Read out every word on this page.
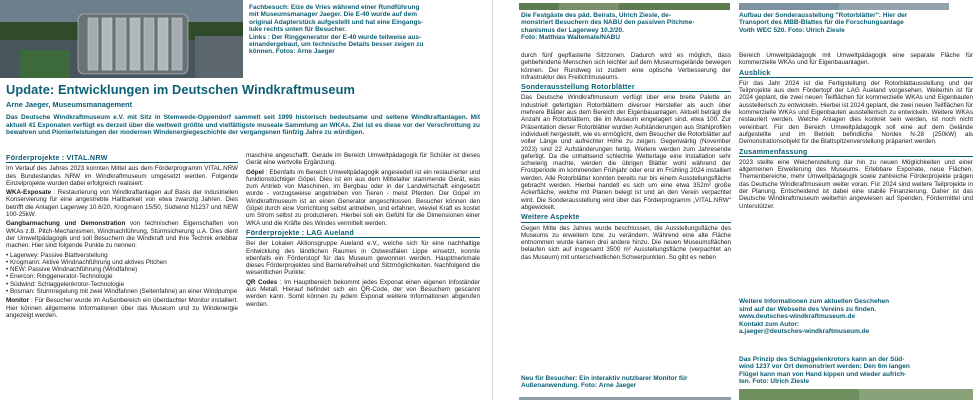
Fachbesuch: Eize de Vries während einer Rundführung
mit Museumsmanager Jaeger. Die E-40 wurde auf dem
original Adapterstück aufgestellt und hat eine Eingangs-
luke rechts unten für Besucher.
Links : Der Ringgenerator der E-40 wurde teilweise aus-
einandergebaut, um technische Details besser zeigen zu
können. Fotos: Arne Jaeger
Update: Entwicklungen im Deutschen Windkraftmuseum
Arne Jaeger, Museumsmanagement
Das Deutsche Windkraftmuseum e.V. mit Sitz in Stemwede-Oppendorf sammelt seit 1999 historisch bedeutsame und seltene Windkraftanlagen. Mit aktuell 41 Exponaten verfügt es derzeit über die weltweit größte und vielfältigste museale Sammlung an WKAs. Ziel ist es diese vor der Verschrottung zu bewahren und Pionierleistungen der modernen Windenergiegeschichte der vergangenen fünfzig Jahre zu würdigen.
Förderprojekte : VITAL.NRW
Im Verlauf des Jahres 2023 konnten Mittel aus dem Förderprogramm VITAL.NRW des Bundeslandes NRW im Windkraftmuseum umgesetzt werden. Folgende Einzelprojekte wurden dabei erfolgreich realisiert:
WKA-Exposate : Restaurierung von Windkraftanlagen auf Basis der industriellen Konservierung für eine angestrebte Haltbarkeit von etwa zwanzig Jahren. Dies betrifft die Anlagen Lagerwey 10.6/20, Krogmann 15/50, Südwind N1237 und NEW 100-25kW.
Gangbarmachung und Demonstration von technischen Eigenschaften von WKAs z.B. Pitch-Mechanismen, Windnachführung, Sturmsicherung u.A. Dies dient der Umweltpädagogik und soll Besuchern die Windkraft und ihre Technik erlebbar machen. Hier sind folgende Punkte zu nennen:
• Lagerwey: Passive Blattverstellung
• Krogmann: Aktive Windnachführung und aktives Pitchen
• NEW: Passive Windnachführung (Windfahne)
• Enercon: Ringgenerator-Technologie
• Südwind: Schlaggelenkrotor-Technologie
• Bosman: Sturmregelung mit zwei Windfahnen (Seitenfahne) an einer Windpumpe
Monitor : Für Besucher wurde im Außenbereich ein überdachter Monitor installiert. Hier können allgemeine Informationen über das Museum und zu Windenergie angezeigt werden.
maschine angeschafft. Gerade im Bereich Umweltpädagogik für Schüler ist dieses Gerät eine wertvolle Ergänzung.
Göpel : Ebenfalls im Bereich Umweltpädagogik angesiedelt ist ein restaurierter und funktionstüchtiger Göpel. Dies ist ein aus dem Mittelalter stammende Gerät, was zum Antrieb von Maschinen, im Bergbau oder in der Landwirtschaft eingesetzt wurde - vorzugsweise angetrieben von Tieren - meist Pferden. Der Göpel im Windkraftmuseum ist an einen Generator angeschlossen. Besucher können den Göpel durch eine Vorrichtung selbst antreiben, und erfahren, wieviel Kraft es kostet um Strom selbst zu produzieren. Hierbei soll ein Gefühl für die Dimensionen einer WKA und die Kräfte des Windes vermittelt werden.
Förderprojekte : LAG Aueland
Bei der Lokalen Aktionsgruppe Aueland e.V., welche sich für eine nachhaltige Entwicklung des ländlichen Raumes in Ostwestfalen Lippe einsetzt, konnte ebenfalls ein Förderstopf für das Museum gewonnen werden. Hauptmerkmale dieses Förderprojektes sind Barrierefreiheit und Sitzmöglichkeiten. Nachfolgend die wesentlichen Punkte:
QR Codes : Im Hauptbereich bekommt jedes Exponat einen eigenen Infoständer aus Metall. Hierauf befindet sich ein QR-Code, der von Besuchern gescannt werden kann. Somit können zu jedem Exponat weitere Informationen abgerufen werden.
Die Festgäste des päd. Beirats, Ulrich Ziesle, de-
monstriert Besuchern des NABU den passiven Pitchme-
chanismus der Lagerwey 10.2/20.
Foto: Matthias Waltemate/NABU
Aufbau der Sonderausstellung "Rotorblätter": Hier der
Transport des MBB-Blattes für die Forschungsanlage
Voith WEC 520. Foto: Ulrich Ziesle
durch fünf gepflasterte Sitzzonen. Dadurch wird es möglich, dass gehbehinderte Menschen sich leichter auf dem Museumsgelände bewegen können. Der Rundweg ist zudem eine optische Verbesserung der Infrastruktur des Freilichtmuseums.
Sonderausstellung Rotorblätter
Das Deutsche Windkraftmuseum verfügt über eine breite Palette an industriell gefertigten Rotorblättern diverser Hersteller als auch über mehrere Blätter aus dem Bereich der Eigenbauanlagen. Aktuell beträgt die Anzahl an Rotorblättern, die im Museum eingelagert sind, etwa 100. Zur Präsentation dieser Rotorblätter wurden Aufständerungen aus Stahlprofilen individuell hergestellt, wie es ermöglicht, dem Besucher die Rotorblätter auf voller Länge und aufrechter Höhe zu zeigen. Gegenwärtig (November 2023) sind 22 Aufständerungen fertig. Weitere werden zum Jahresende gefertigt. Da die unhaltsend schlechte Wetterlage eine Installation sehr schwierig machte, werden die übrigen Blätter wohl während der Frostperiode im kommenden Frühjahr oder erst im Frühling 2024 installiert werden. Alle Rotorblätter konnten bereits nur bis einem Ausstellungsfläche gebracht werden. Hierbei handelt es sich um eine etwa 352m² große Ackerfläche, welche mit Planen belegt ist und an den Verein verpachtet wird. Die Sonderausstellung wird über das Förderprogramm „VITAL.NRW" abgewickelt.
Weitere Aspekte
Gegen Mitte des Jahres wurde beschlossen, die Ausstellungsfläche des Museums zu erweitern bzw. zu verändern. Während eine alte Fläche entnommen wurde kamen drei andere hinzu. Die neuen Museumsflächen belaufen sich auf insgesamt 3500 m² Ausstellungsfläche (verpachtet an das Museum) mit unterschiedlichen Schwerpunkten. So gibt es neben
Neu für Besucher: Ein interaktiv nutzbarer Monitor für
Außenanwendung. Foto: Arne Jaeger
Bereich Umweltpädagogik mit Umweltpädagogik eine separate Fläche für kommerzielle WKAs und für Eigenbauanlagen.
Ausblick
Für das Jahr 2024 ist die Fertigstellung der Rotorblattausstellung und der Teilprojekte aus dem Fördertopf der LAG Aueland vorgesehen. Weiterhin ist für 2024 geplant, die zwei neuen Teilflächen für kommerzielle WKAs und Eigenbauten ausstellerisch zu entwickeln. Hierbei ist 2024 geplant, die zwei neuen Teilflächen für kommerzielle WKAs und Eigenbauten ausstellerisch zu entwickeln. Weitere WKAs restauriert werden. Welche Anlagen dies konkret sein werden, ist noch nicht vereinbart. Für den Bereich Umweltpädagogik soll eine auf dem Gelände aufgestellte und im Betrieb befindliche Nordex N-28 (250kW) als Demonstrationsobjekt für die Blattspitzenverstellung präpariert werden.
Zusammenfassung
2023 stellte eine Weichenstellung dar hin zu neuen Möglichkeiten und einer allgemeinen Erweiterung des Museums. Erlebbare Exponate, neue Flächen, Themenbereiche, mehr Umweltpädagogik sowie zahlreiche Förderprojekte prägen das Deutsche Windkraftmuseum weiter voran. Für 2024 sind weitere Teilprojekte in der Planung. Entscheidend ist dabei eine stabile Finanzierung. Daher ist das Deutsche Windkraftmuseum weiterhin angewiesen auf Spenden, Fördermittel und Unterstützer.
Weitere Informationen zum aktuellen Geschehen
sind auf der Webseite des Vereins zu finden.
www.deutsches-windkraftmuseum.de
Kontakt zum Autor:
a.jaeger@deutsches-windkraftmuseum.de
Das Prinzip des Schlaggelenkrotors kann an der Süd-
wind 1237 vor Ort demonstriert werden: Den 6m langen
Flügel kann man von Hand kippen und wieder aufrich-
ten. Foto: Ulrich Ziesle
